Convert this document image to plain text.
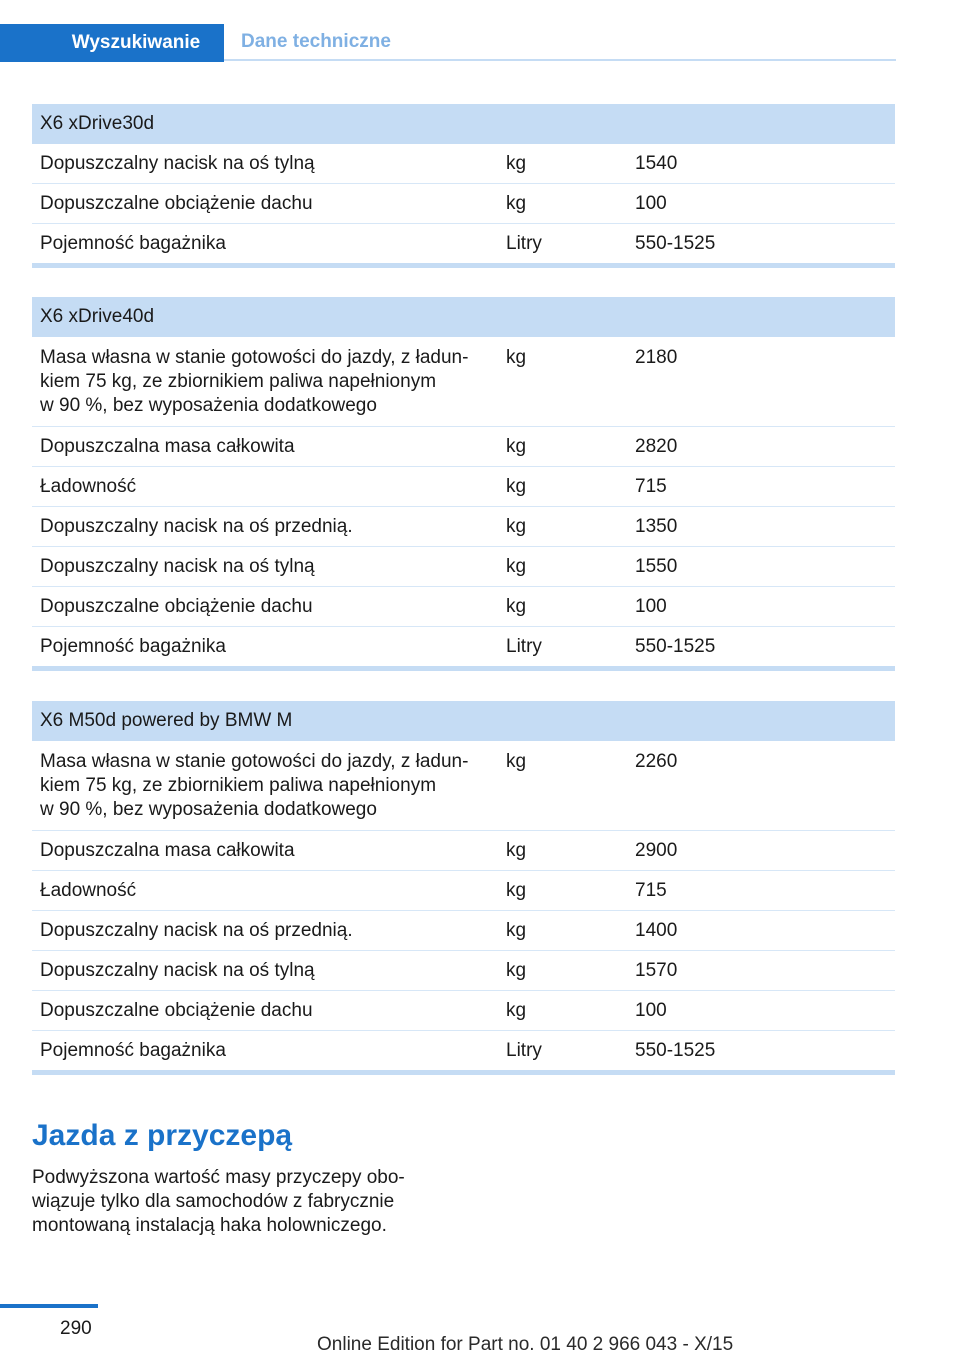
Wyszukiwanie	Dane techniczne
X6 xDrive30d
Dopuszczalny nacisk na oś tylną	kg	1540
Dopuszczalne obciążenie dachu	kg	100
Pojemność bagażnika	Litry	550-1525
X6 xDrive40d
Masa własna w stanie gotowości do jazdy, z ładun-
kiem 75 kg, ze zbiornikiem paliwa napełnionym
w 90 %, bez wyposażenia dodatkowego
kg	2180
Dopuszczalna masa całkowita	kg	2820
Ładowność	kg	715
Dopuszczalny nacisk na oś przednią.	kg	1350
Dopuszczalny nacisk na oś tylną	kg	1550
Dopuszczalne obciążenie dachu	kg	100
Pojemność bagażnika	Litry	550-1525
X6 M50d powered by BMW M
Masa własna w stanie gotowości do jazdy, z ładun-
kiem 75 kg, ze zbiornikiem paliwa napełnionym
w 90 %, bez wyposażenia dodatkowego
kg	2260
Dopuszczalna masa całkowita	kg	2900
Ładowność	kg	715
Dopuszczalny nacisk na oś przednią.	kg	1400
Dopuszczalny nacisk na oś tylną	kg	1570
Dopuszczalne obciążenie dachu	kg	100
Pojemność bagażnika	Litry	550-1525
Jazda z przyczepą

Podwyższona wartość masy przyczepy obo-
wiązuje tylko dla samochodów z fabrycznie
montowaną instalacją haka holowniczego.

290
Online Edition for Part no. 01 40 2 966 043 - X/15
